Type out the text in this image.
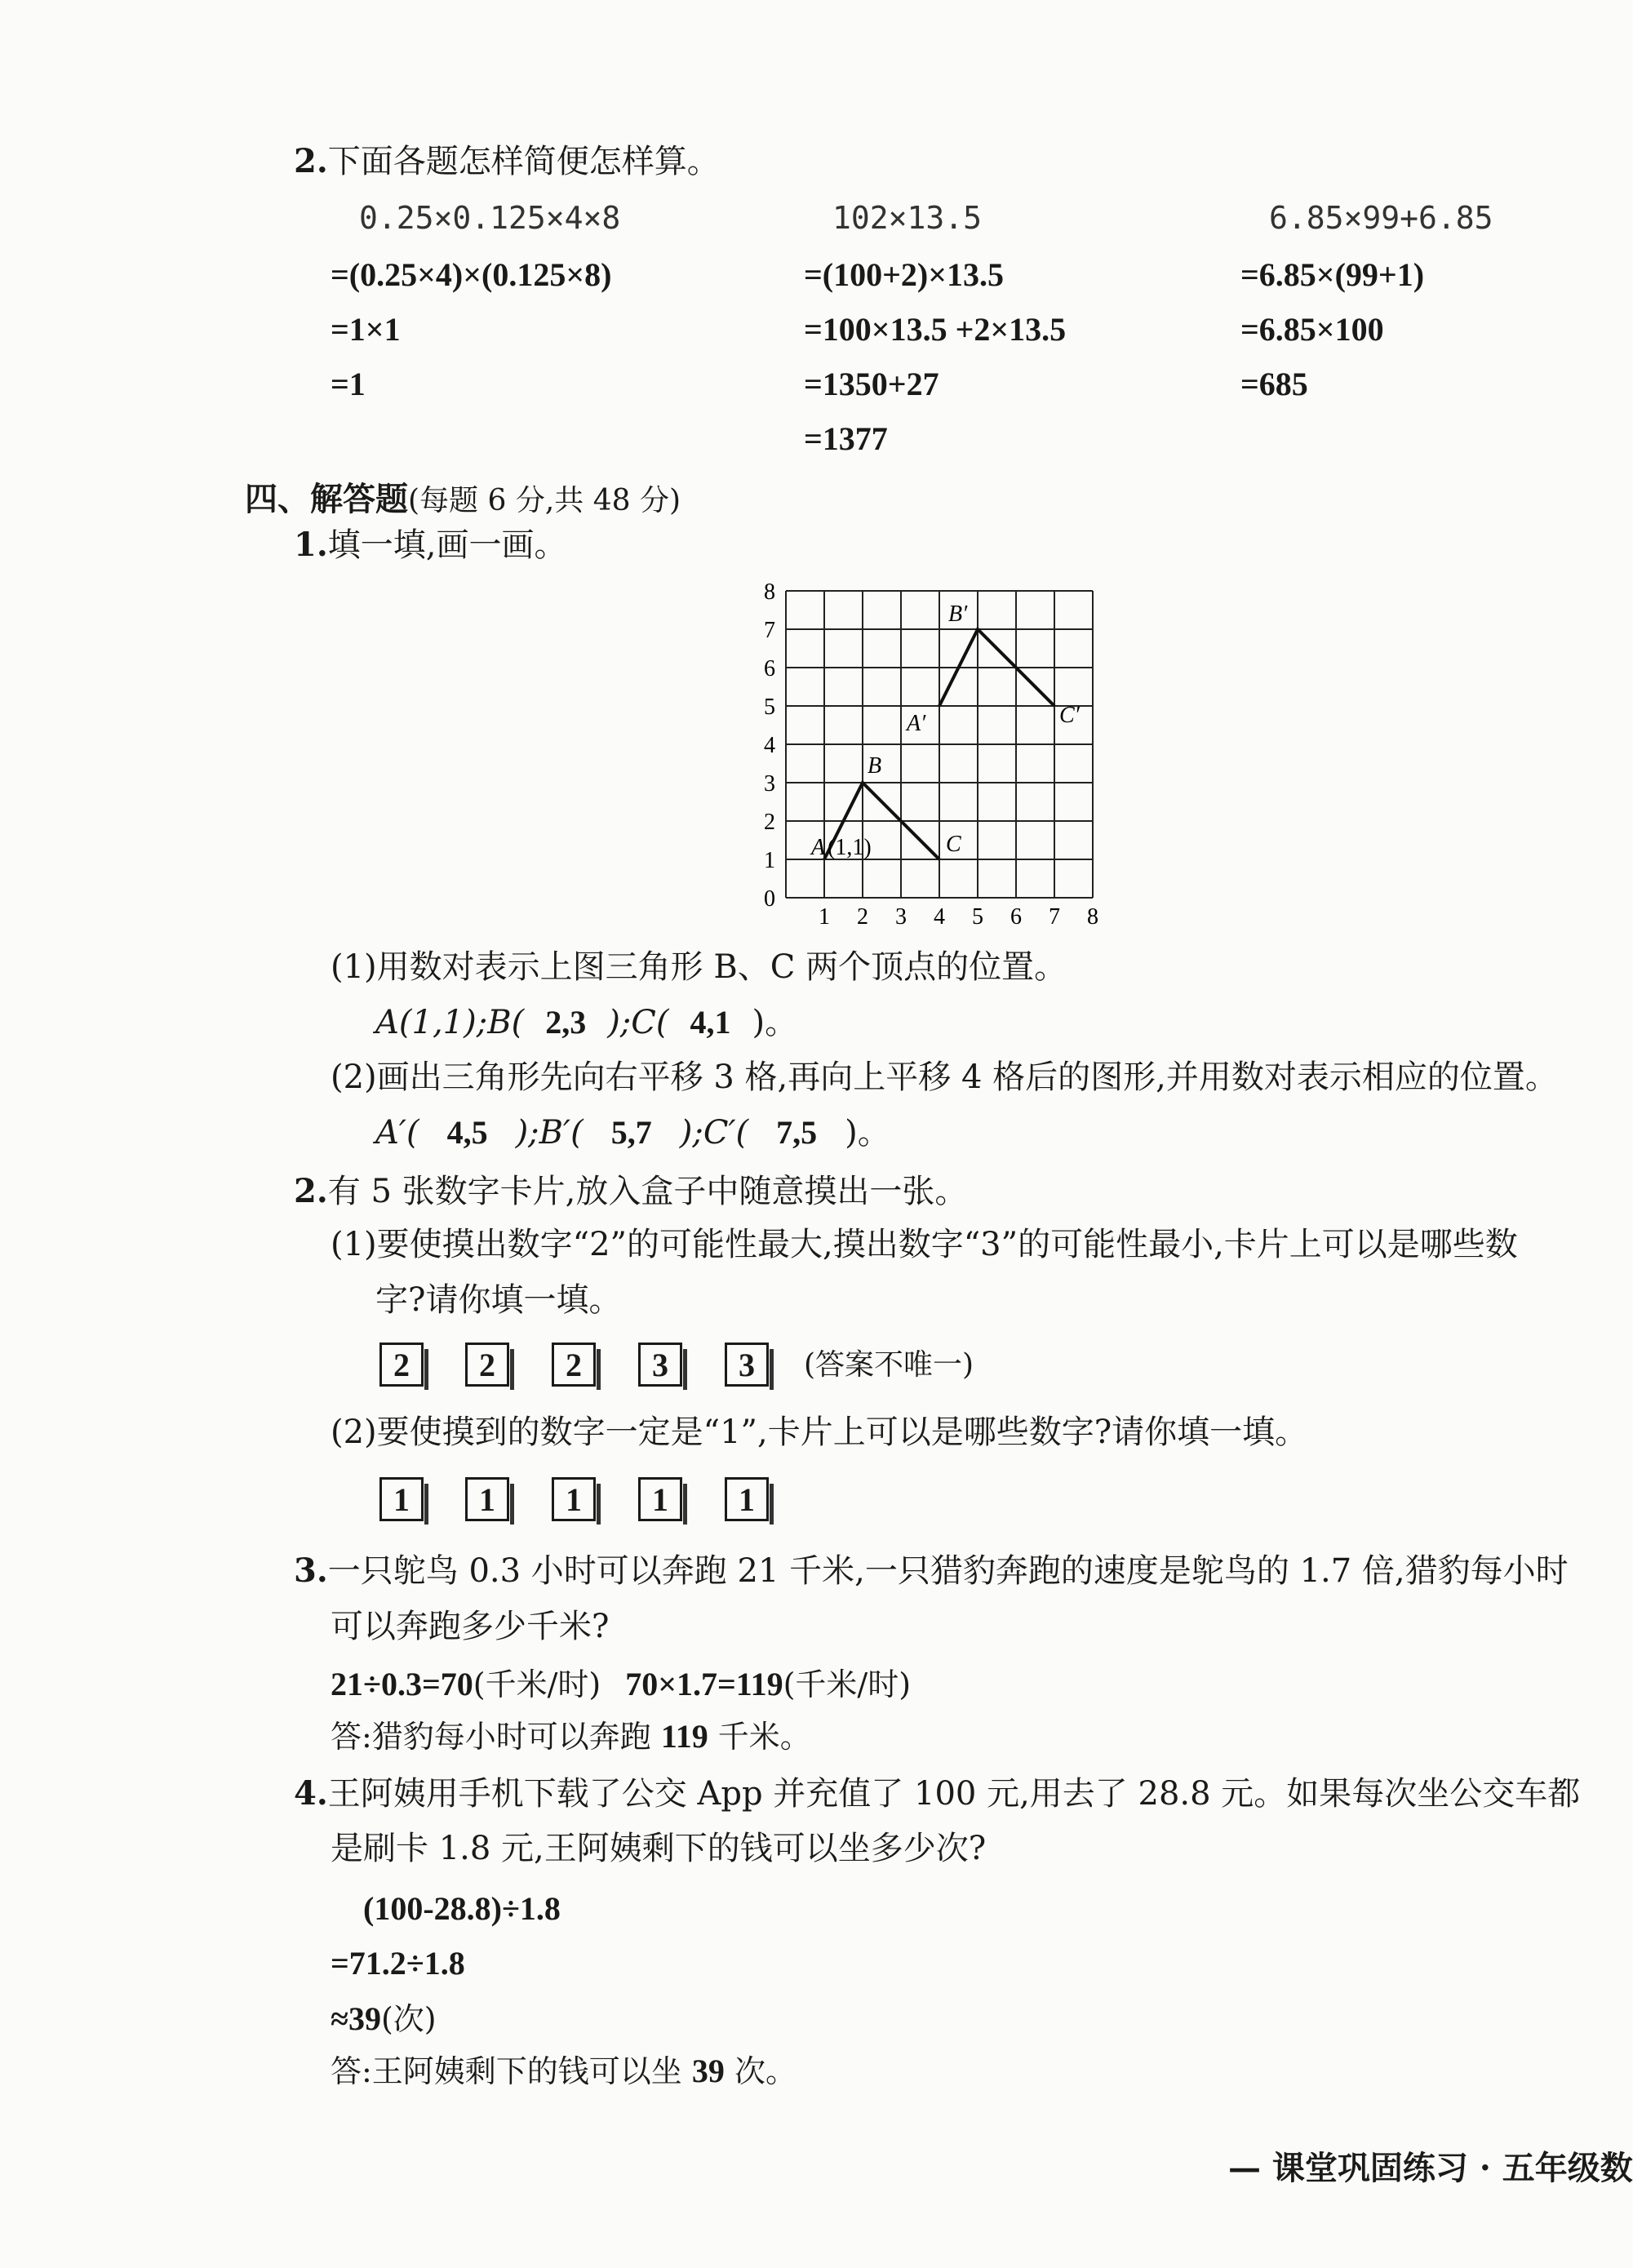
2.下面各题怎样简便怎样算。
0.25×0.125×4×8
=(0.25×4)×(0.125×8)
=1×1
=1
102×13.5
=(100+2)×13.5
=100×13.5 +2×13.5
=1350+27
=1377
6.85×99+6.85
=6.85×(99+1)
=6.85×100
=685
四、解答题(每题 6 分,共 48 分)
1.填一填,画一画。
1 2 3 4 5 6 7 8
0
1
2
3
4
5
6
7
8
A (1,1)
B
C
A′
B′
C′
(1)用数对表示上图三角形 B、C 两个顶点的位置。
A(1,1);B( 2,3 );C( 4,1 )。
(2)画出三角形先向右平移 3 格,再向上平移 4 格后的图形,并用数对表示相应的位置。
A′( 4,5 );B′( 5,7 );C′( 7,5 )。
2.有 5 张数字卡片,放入盒子中随意摸出一张。
(1)要使摸出数字“2”的可能性最大,摸出数字“3”的可能性最小,卡片上可以是哪些数
字?请你填一填。
2	2	2	3	3	(答案不唯一)
(2)要使摸到的数字一定是“1”,卡片上可以是哪些数字?请你填一填。
1	1	1	1	1
3.一只鸵鸟 0.3 小时可以奔跑 21 千米,一只猎豹奔跑的速度是鸵鸟的 1.7 倍,猎豹每小时
可以奔跑多少千米?
21÷0.3=70(千米/时) 70×1.7=119(千米/时)
答:猎豹每小时可以奔跑 119 千米。
4.王阿姨用手机下载了公交 App 并充值了 100 元,用去了 28.8 元。如果每次坐公交车都
是刷卡 1.8 元,王阿姨剩下的钱可以坐多少次?
(100-28.8)÷1.8
=71.2÷1.8
≈39(次)
答:王阿姨剩下的钱可以坐 39 次。
— 课堂巩固练习 · 五年级数
